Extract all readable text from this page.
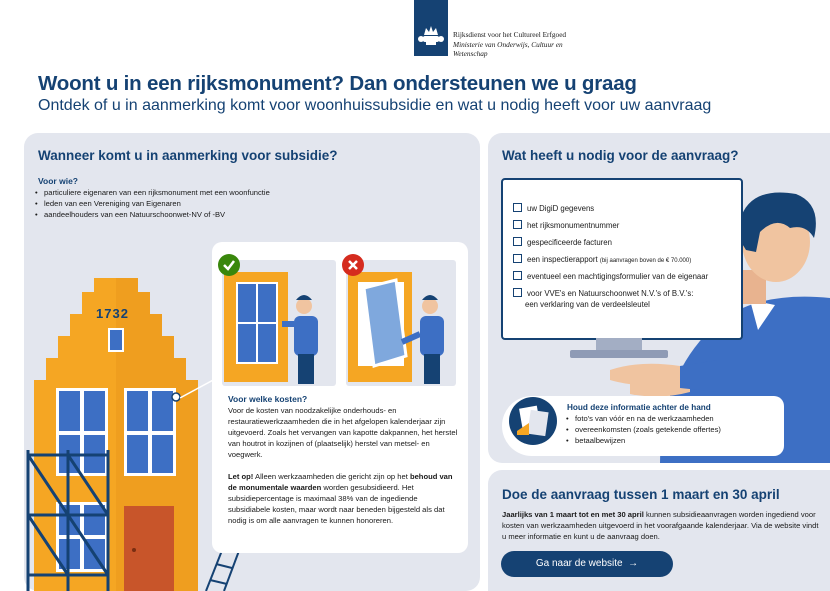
Rijksdienst voor het Cultureel Erfgoed
Ministerie van Onderwijs, Cultuur en
Wetenschap
Woont u in een rijksmonument? Dan ondersteunen we u graag
Ontdek of u in aanmerking komt voor woonhuissubsidie en wat u nodig heeft voor uw aanvraag
Wanneer komt u in aanmerking voor subsidie?
Voor wie?
• particuliere eigenaren van een rijksmonument met een woonfunctie
• leden van een Vereniging van Eigenaren
• aandeelhouders van een Natuurschoonwet-NV of -BV
1732

Voor welke kosten?

Voor de kosten van noodzakelijke onderhouds- en restauratiewerkzaamheden die in het afgelopen kalenderjaar zijn uitgevoerd. Zoals het vervangen van kapotte dakpannen, het herstel van houtrot in kozijnen of (plaatselijk) herstel van metsel- en voegwerk.

Let op! Alleen werkzaamheden die gericht zijn op het behoud van de monumentale waarden worden gesubsidieerd. Het subsidiepercentage is maximaal 38% van de ingediende subsidiabele kosten, maar wordt naar beneden bijgesteld als dat nodig is om alle aanvragen te kunnen honoreren.

Wat heeft u nodig voor de aanvraag?
uw DigiD gegevens
het rijksmonumentnummer
gespecificeerde facturen
een inspectierapport (bij aanvragen boven de € 70.000)
eventueel een machtigingsformulier van de eigenaar
voor VVE's en Natuurschoonwet N.V.'s of B.V.'s:
een verklaring van de verdeelsleutel
Houd deze informatie achter de hand
• foto's van vóór en na de werkzaamheden
• overeenkomsten (zoals getekende offertes)
• betaalbewijzen
Doe de aanvraag tussen 1 maart en 30 april
Jaarlijks van 1 maart tot en met 30 april kunnen subsidieaanvragen worden ingediend voor kosten van werkzaamheden uitgevoerd in het voorafgaande kalenderjaar. Via de website vindt u meer informatie en kunt u de aanvraag doen.
Ga naar de website →
